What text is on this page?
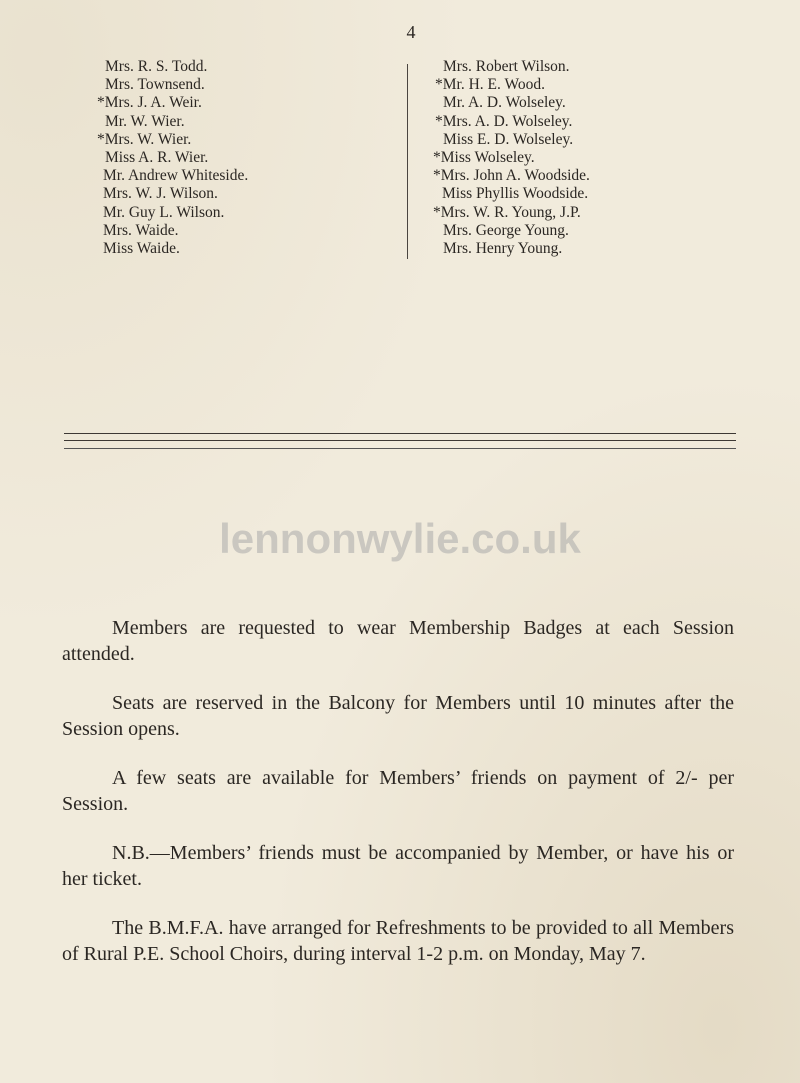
4
Mrs. R. S. Todd.
Mrs. Townsend.
*Mrs. J. A. Weir.
Mr. W. Wier.
*Mrs. W. Wier.
Miss A. R. Wier.
Mr. Andrew Whiteside.
Mrs. W. J. Wilson.
Mr. Guy L. Wilson.
Mrs. Waide.
Miss Waide.
Mrs. Robert Wilson.
*Mr. H. E. Wood.
Mr. A. D. Wolseley.
*Mrs. A. D. Wolseley.
Miss E. D. Wolseley.
*Miss Wolseley.
*Mrs. John A. Woodside.
Miss Phyllis Woodside.
*Mrs. W. R. Young, J.P.
Mrs. George Young.
Mrs. Henry Young.
lennonwylie.co.uk

Members are requested to wear Membership Badges at each Session attended.

Seats are reserved in the Balcony for Members until 10 minutes after the Session opens.

A few seats are available for Members’ friends on payment of 2/- per Session.

N.B.—Members’ friends must be accompanied by Member, or have his or her ticket.

The B.M.F.A. have arranged for Refreshments to be provided to all Members of Rural P.E. School Choirs, during interval 1-2 p.m. on Monday, May 7.
